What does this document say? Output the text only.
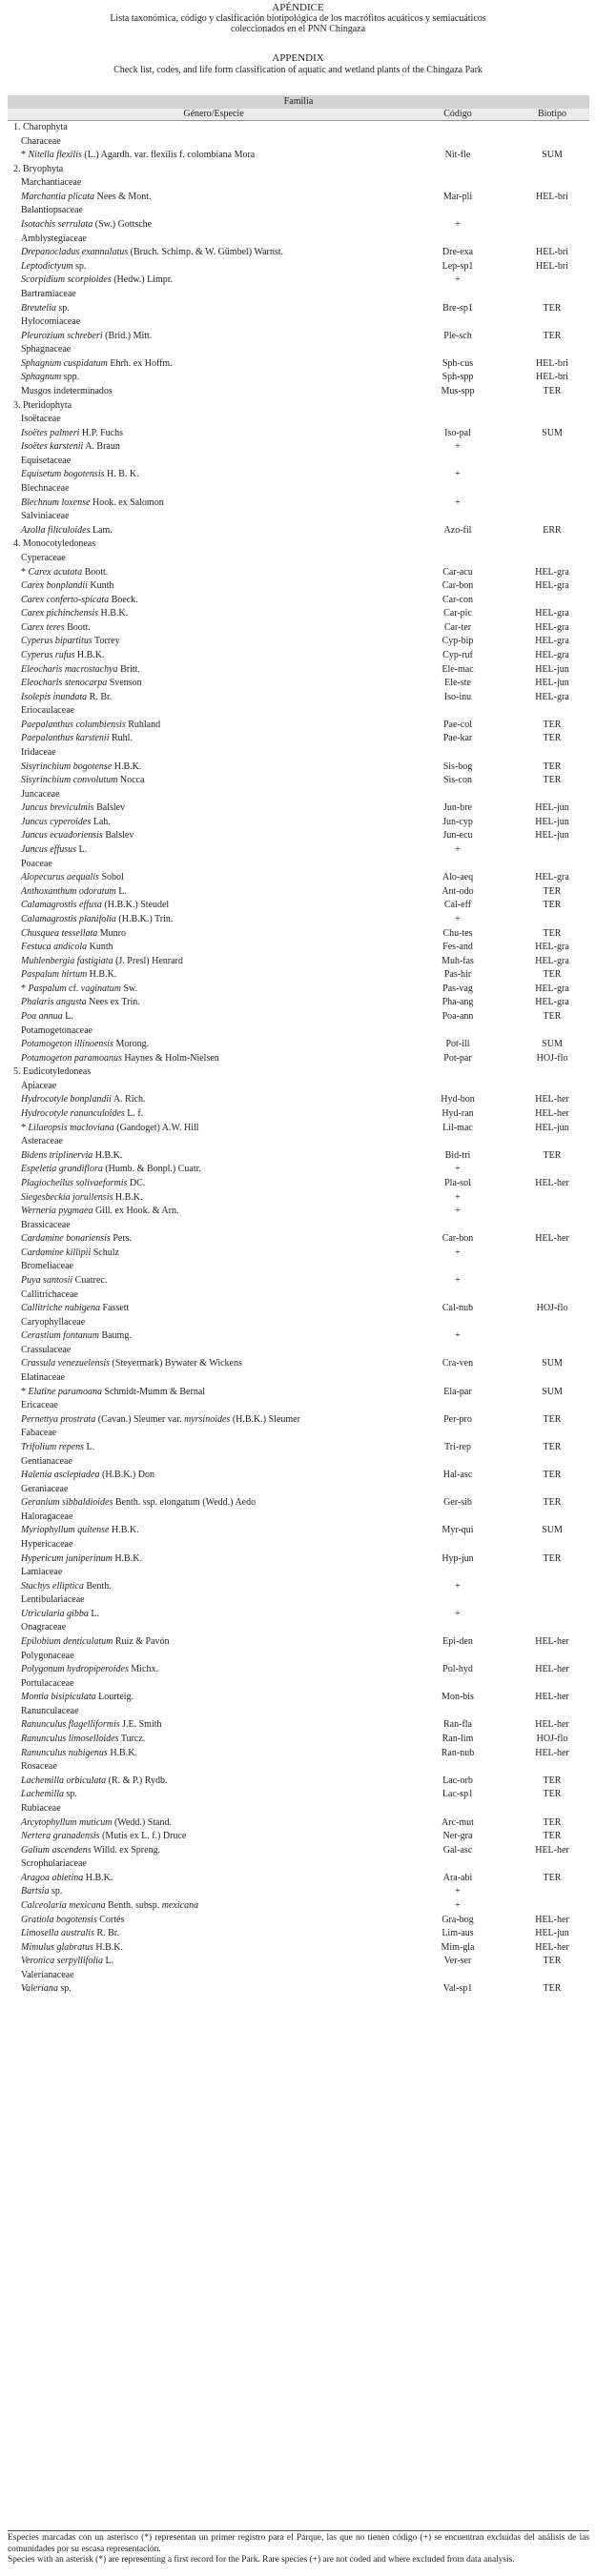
APÉNDICE
Lista taxonómica, código y clasificación biotipológica de los macrófitos acuáticos y semiacuáticos
coleccionados en el PNN Chingaza
APPENDIX
Check list, codes, and life form classification of aquatic and wetland plants of the Chingaza Park
Familia
Género/Especie	Código	Biotipo
1. Charophyta
Characeae
* Nitella flexilis (L.) Agardh. var. flexilis f. colombiana Mora	Nit-fle	SUM
2. Bryophyta
Marchantiaceae
Marchantia plicata Nees & Mont.	Mar-pli	HEL-bri
Balantiopsaceae
Isotachis serrulata (Sw.) Gottsche	+
Amblystegiaceae
Drepanocladus exannulatus (Bruch. Schimp. & W. Gümbel) Warnst.	Dre-exa	HEL-bri
Leptodictyum sp.	Lep-sp1	HEL-bri
Scorpidium scorpioides (Hedw.) Limpr.	+
Bartramiaceae
Breutelia sp.	Bre-sp1	TER
Hylocomiaceae
Pleurozium schreberi (Brid.) Mitt.	Ple-sch	TER
Sphagnaceae
Sphagnum cuspidatum Ehrh. ex Hoffm.	Sph-cus	HEL-bri
Sphagnum spp.	Sph-spp	HEL-bri
Musgos indeterminados	Mus-spp	TER
3. Pteridophyta
Isoëtaceae
Isoëtes palmeri H.P. Fuchs	Iso-pal	SUM
Isoëtes karstenii A. Braun	+
Equisetaceae
Equisetum bogotensis H. B. K.	+
Blechnaceae
Blechnum loxense Hook. ex Salomon	+
Salviniaceae
Azolla filiculoides Lam.	Azo-fil	ERR
4. Monocotyledoneas
Cyperaceae
* Carex acutata Boott.	Car-acu	HEL-gra
Carex bonplandii Kunth	Car-bon	HEL-gra
Carex conferto-spicata Boeck.	Car-con
Carex pichinchensis H.B.K.	Car-pic	HEL-gra
Carex teres Boott.	Car-ter	HEL-gra
Cyperus bipartitus Torrey	Cyp-bip	HEL-gra
Cyperus rufus H.B.K.	Cyp-ruf	HEL-gra
Eleocharis macrostachya Britt.	Ele-mac	HEL-jun
Eleocharis stenocarpa Svenson	Ele-ste	HEL-jun
Isolepis inundata R. Br.	Iso-inu	HEL-gra
Eriocaulaceae
Paepalanthus columbiensis Ruhland	Pae-col	TER
Paepalanthus karstenii Ruhl.	Pae-kar	TER
Iridaceae
Sisyrinchium bogotense H.B.K.	Sis-bog	TER
Sisyrinchium convolutum Nocca	Sis-con	TER
Juncaceae
Juncus breviculmis Balslev	Jun-bre	HEL-jun
Juncus cyperoides Lah.	Jun-cyp	HEL-jun
Juncus ecuadoriensis Balslev	Jun-ecu	HEL-jun
Juncus effusus L.	+
Poaceae
Alopecurus aequalis Sobol	Alo-aeq	HEL-gra
Anthoxanthum odoratum L.	Ant-odo	TER
Calamagrostis effusa (H.B.K.) Steudel	Cal-eff	TER
Calamagrostis planifolia (H.B.K.) Trin.	+
Chusquea tessellata Munro	Chu-tes	TER
Festuca andicola Kunth	Fes-and	HEL-gra
Muhlenbergia fastigiata (J. Presl) Henrard	Muh-fas	HEL-gra
Paspalum hirtum H.B.K.	Pas-hir	TER
* Paspalum cf. vaginatum Sw.	Pas-vag	HEL-gra
Phalaris angusta Nees ex Trin.	Pha-ang	HEL-gra
Poa annua L.	Poa-ann	TER
Potamogetonaceae
Potamogeton illinoensis Morong.	Pot-ill	SUM
Potamogeton paramoanus Haynes & Holm-Nielsen	Pot-par	HOJ-flo
5. Eudicotyledoneas
Apiaceae
Hydrocotyle bonplandii A. Rich.	Hyd-bon	HEL-her
Hydrocotyle ranunculoides L. f.	Hyd-ran	HEL-her
* Lilaeopsis macloviana (Gandoget) A.W. Hill	Lil-mac	HEL-jun
Asteraceae
Bidens triplinervia H.B.K.	Bid-tri	TER
Espeletia grandiflora (Humb. & Bonpl.) Cuatr.	+
Plagiocheilus solivaeformis DC.	Pla-sol	HEL-her
Siegesbeckia jorullensis H.B.K.	+
Werneria pygmaea Gill. ex Hook. & Arn.	+
Brassicaceae
Cardamine bonariensis Pers.	Car-bon	HEL-her
Cardamine killipii Schulz	+
Bromeliaceae
Puya santosii Cuatrec.	+
Callitrichaceae
Callitriche nubigena Fassett	Cal-nub	HOJ-flo
Caryophyllaceae
Cerastium fontanum Baumg.	+
Crassulaceae
Crassula venezuelensis (Steyermark) Bywater & Wickens	Cra-ven	SUM
Elatinaceae
* Elatine paramoana Schmidt-Mumm & Bernal	Ela-par	SUM
Ericaceae
Pernettya prostrata (Cavan.) Sleumer var. myrsinoides (H.B.K.) Sleumer	Per-pro	TER
Fabaceae
Trifolium repens L.	Tri-rep	TER
Gentianaceae
Halenia asclepiadea (H.B.K.) Don	Hal-asc	TER
Geraniaceae
Geranium sibbaldioides Benth. ssp. elongatum (Wedd.) Aedo	Ger-sib	TER
Haloragaceae
Myriophyllum quitense H.B.K.	Myr-qui	SUM
Hypericaceae
Hypericum juniperinum H.B.K.	Hyp-jun	TER
Lamiaceae
Stachys elliptica Benth.	+
Lentibulariaceae
Utricularia gibba L.	+
Onagraceae
Epilobium denticulatum Ruiz & Pavón	Epi-den	HEL-her
Polygonaceae
Polygonum hydropiperoides Michx.	Pol-hyd	HEL-her
Portulacaceae
Montia bisipiculata Lourteig.	Mon-bis	HEL-her
Ranunculaceae
Ranunculus flagelliformis J.E. Smith	Ran-fla	HEL-her
Ranunculus limoselloides Turcz.	Ran-lim	HOJ-flo
Ranunculus nubigenus H.B.K.	Ran-nub	HEL-her
Rosaceae
Lachemilla orbiculata (R. & P.) Rydb.	Lac-orb	TER
Lachemilla sp.	Lac-sp1	TER
Rubiaceae
Arcytophyllum muticum (Wedd.) Stand.	Arc-mut	TER
Nertera granadensis (Mutis ex L. f.) Druce	Ner-gra	TER
Galium ascendens Willd. ex Spreng.	Gal-asc	HEL-her
Scrophulariaceae
Aragoa abietina H.B.K.	Ara-abi	TER
Bartsia sp.	+
Calceolaria mexicana Benth. subsp. mexicana	+
Gratiola bogotensis Cortés	Gra-bog	HEL-her
Limosella australis R. Br.	Lim-aus	HEL-jun
Mimulus glabratus H.B.K.	Mim-gla	HEL-her
Veronica serpyllifolia L.	Ver-ser	TER
Valerianaceae
Valeriana sp.	Val-sp1	TER
Especies marcadas con un asterisco (*) representan un primer registro para el Parque, las que no tienen código (+) se encuentran excluídas del análisis de las comunidades por su escasa representación.
Species with an asterisk (*) are representing a first record for the Park. Rare species (+) are not coded and where excluded from data analysis.
